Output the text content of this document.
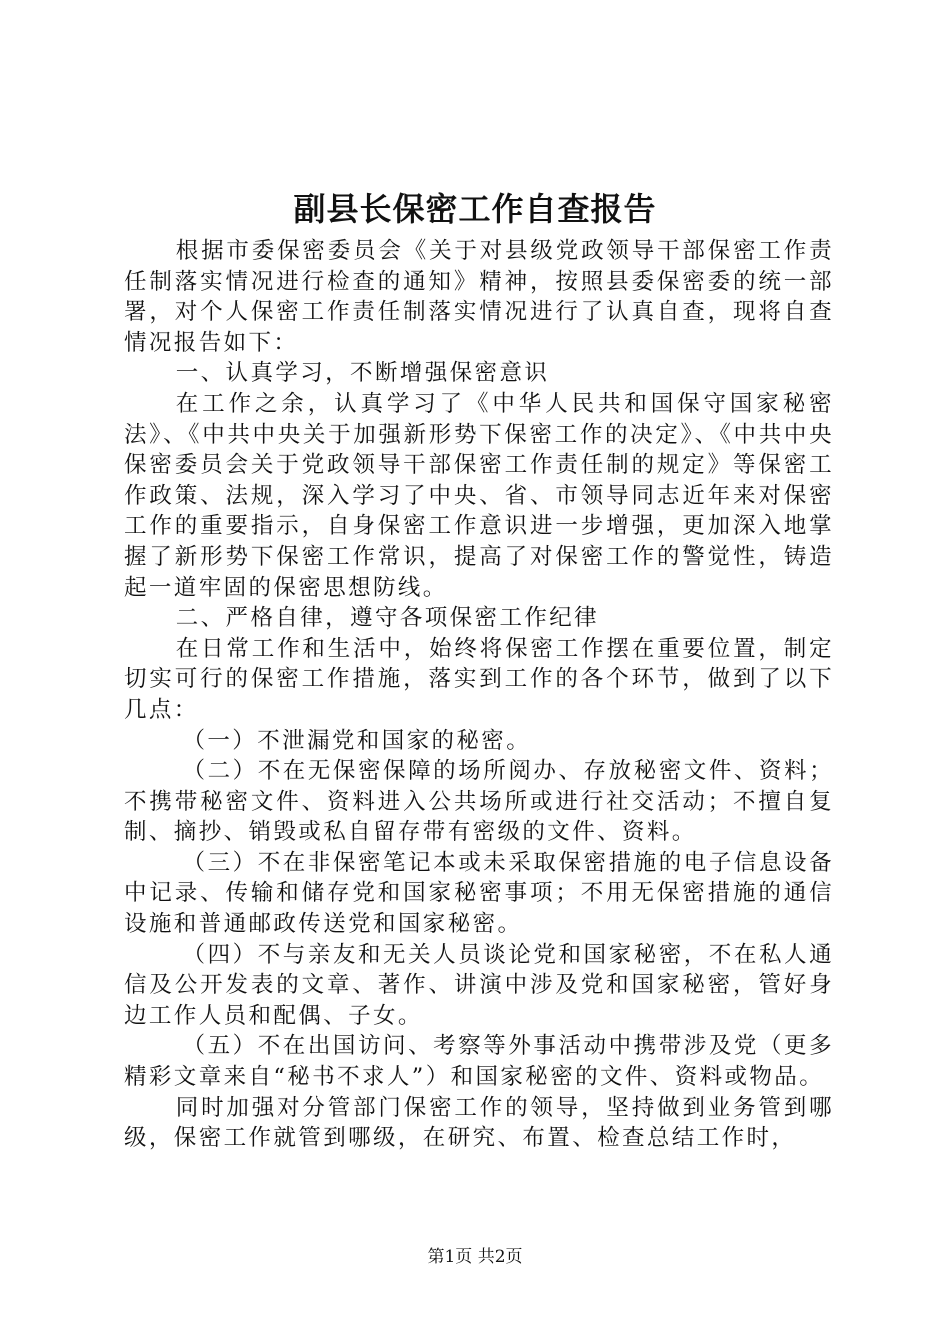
副县长保密工作自查报告

根据市委保密委员会《关于对县级党政领导干部保密工作责任制落实情况进行检查的通知》精神，按照县委保密委的统一部署，对个人保密工作责任制落实情况进行了认真自查，现将自查情况报告如下：

一、认真学习，不断增强保密意识

在工作之余，认真学习了《中华人民共和国保守国家秘密法》、《中共中央关于加强新形势下保密工作的决定》、《中共中央保密委员会关于党政领导干部保密工作责任制的规定》等保密工作政策、法规，深入学习了中央、省、市领导同志近年来对保密工作的重要指示，自身保密工作意识进一步增强，更加深入地掌握了新形势下保密工作常识，提高了对保密工作的警觉性，铸造起一道牢固的保密思想防线。

二、严格自律，遵守各项保密工作纪律

在日常工作和生活中，始终将保密工作摆在重要位置，制定切实可行的保密工作措施，落实到工作的各个环节，做到了以下几点：

（一）不泄漏党和国家的秘密。

（二）不在无保密保障的场所阅办、存放秘密文件、资料；不携带秘密文件、资料进入公共场所或进行社交活动；不擅自复制、摘抄、销毁或私自留存带有密级的文件、资料。

（三）不在非保密笔记本或未采取保密措施的电子信息设备中记录、传输和储存党和国家秘密事项；不用无保密措施的通信设施和普通邮政传送党和国家秘密。

（四）不与亲友和无关人员谈论党和国家秘密，不在私人通信及公开发表的文章、著作、讲演中涉及党和国家秘密，管好身边工作人员和配偶、子女。

（五）不在出国访问、考察等外事活动中携带涉及党（更多精彩文章来自“秘书不求人”）和国家秘密的文件、资料或物品。

同时加强对分管部门保密工作的领导，坚持做到业务管到哪级，保密工作就管到哪级，在研究、布置、检查总结工作时，

第1页 共2页
